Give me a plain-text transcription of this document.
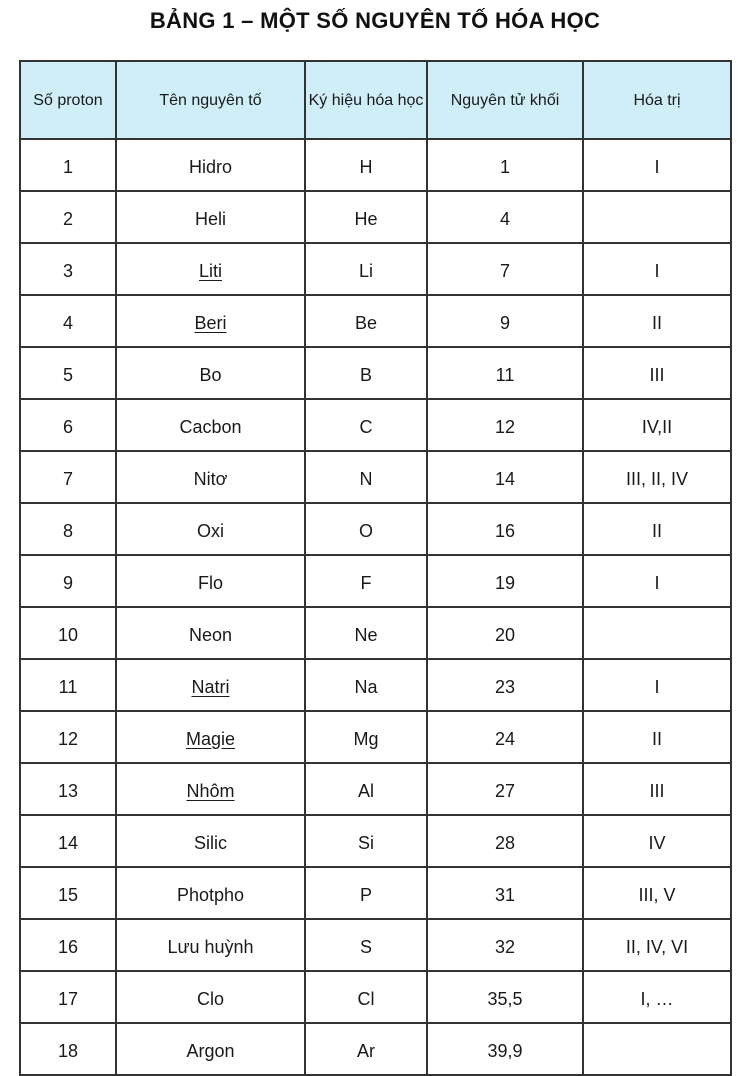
BẢNG 1 – MỘT SỐ NGUYÊN TỐ HÓA HỌC
Số proton	Tên nguyên tố	Ký hiệu hóa học	Nguyên tử khối	Hóa trị
1	Hidro	H	1	I
2	Heli	He	4	
3	Liti	Li	7	I
4	Beri	Be	9	II
5	Bo	B	11	III
6	Cacbon	C	12	IV,II
7	Nitơ	N	14	III, II, IV
8	Oxi	O	16	II
9	Flo	F	19	I
10	Neon	Ne	20	
11	Natri	Na	23	I
12	Magie	Mg	24	II
13	Nhôm	Al	27	III
14	Silic	Si	28	IV
15	Photpho	P	31	III, V
16	Lưu huỳnh	S	32	II, IV, VI
17	Clo	Cl	35,5	I, …
18	Argon	Ar	39,9	
